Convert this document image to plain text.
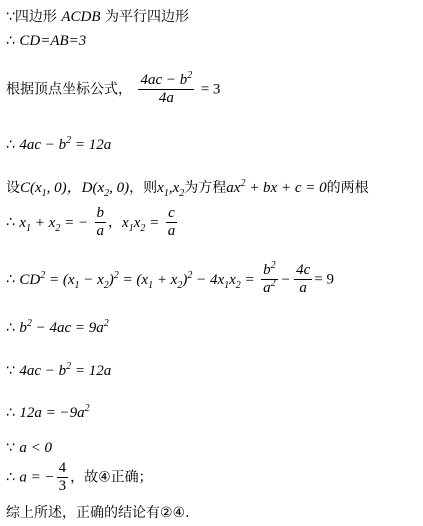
∵四边形 ACDB 为平行四边形
∴ CD=AB=3
根据顶点坐标公式， $\frac{4ac - b^2}{4a} = 3$
∴ $4ac - b^2 = 12a$
设$C(x_1$, 0)，$D(x_2$, 0)，则$x_1,x_2$为方程$ax^2$ + bx + c = 0的两根
∴ $x_1 + x_2$ = − $\frac{b}{a}$ ，$x_1x_2 = \frac{c}{a}$
∴ $CD^2 = (x_1 - x_2)^2 = (x_1 + x_2)^2 - 4x_1x_2 = \frac{b^2}{a^2} - \frac{4c}{a} = 9$
∴ $b^2 - 4ac = 9a^2$
∵ $4ac - b^2 = 12a$
∴ $12a = -9a^2$
∵ a < 0
∴ a = − $\frac{4}{3}$ ，故④正确；
综上所述，正确的结论有②④.
